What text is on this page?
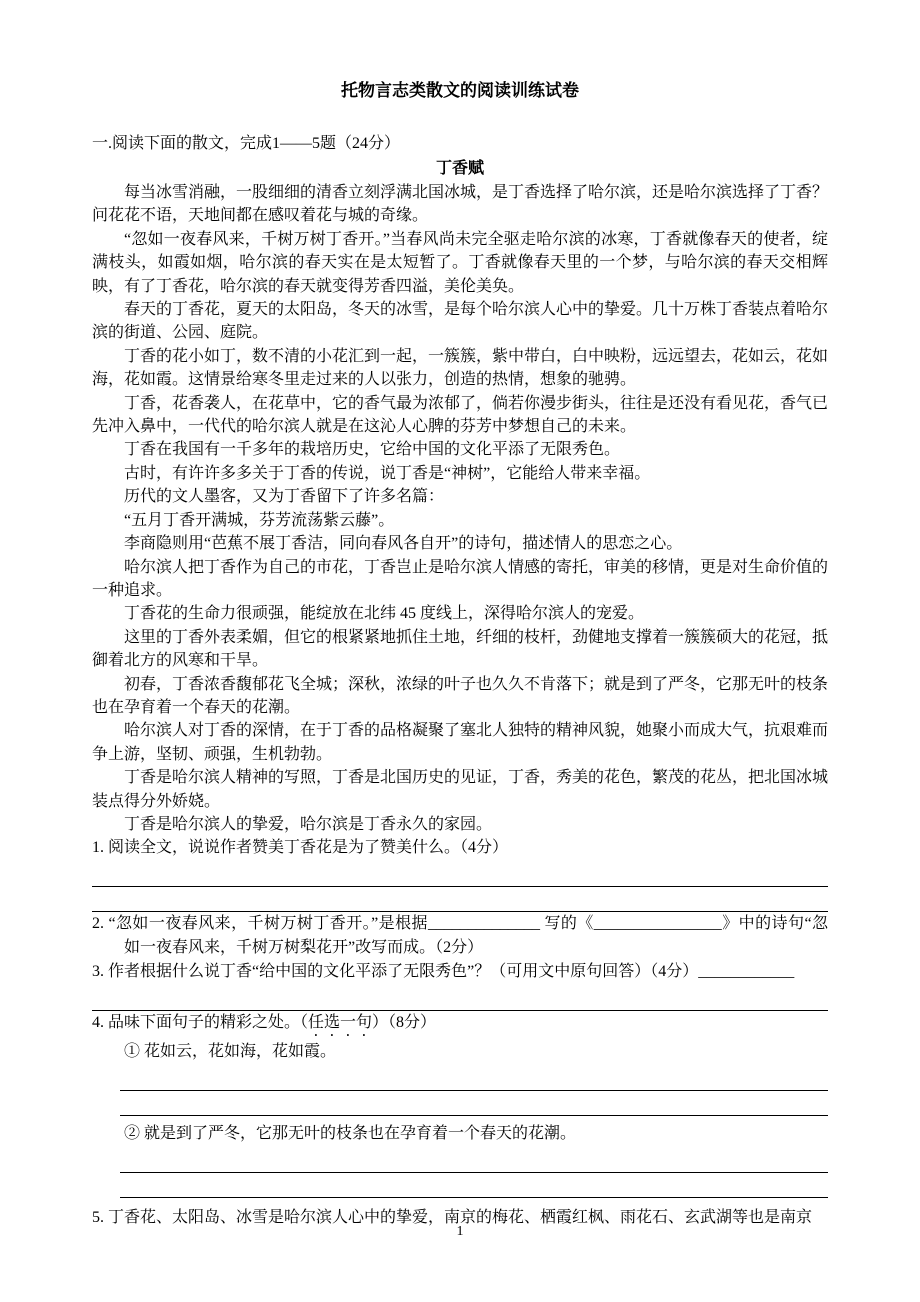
托物言志类散文的阅读训练试卷

一.阅读下面的散文，完成1——5题（24分）

丁香赋

每当冰雪消融，一股细细的清香立刻浮满北国冰城，是丁香选择了哈尔滨，还是哈尔滨选择了丁香？问花花不语，天地间都在感叹着花与城的奇缘。

“忽如一夜春风来，千树万树丁香开。”当春风尚未完全驱走哈尔滨的冰寒，丁香就像春天的使者，绽满枝头，如霞如烟，哈尔滨的春天实在是太短暂了。丁香就像春天里的一个梦，与哈尔滨的春天交相辉映，有了丁香花，哈尔滨的春天就变得芳香四溢，美伦美奂。

春天的丁香花，夏天的太阳岛，冬天的冰雪，是每个哈尔滨人心中的挚爱。几十万株丁香装点着哈尔滨的街道、公园、庭院。

丁香的花小如丁，数不清的小花汇到一起，一簇簇，紫中带白，白中映粉，远远望去，花如云，花如海，花如霞。这情景给寒冬里走过来的人以张力，创造的热情，想象的驰骋。

丁香，花香袭人，在花草中，它的香气最为浓郁了，倘若你漫步街头，往往是还没有看见花，香气已先冲入鼻中，一代代的哈尔滨人就是在这沁人心脾的芬芳中梦想自己的未来。

丁香在我国有一千多年的栽培历史，它给中国的文化平添了无限秀色。

古时，有许许多多关于丁香的传说，说丁香是“神树”，它能给人带来幸福。

历代的文人墨客，又为丁香留下了许多名篇：

“五月丁香开满城，芬芳流荡紫云藤”。

李商隐则用“芭蕉不展丁香洁，同向春风各自开”的诗句，描述情人的思恋之心。

哈尔滨人把丁香作为自己的市花，丁香岂止是哈尔滨人情感的寄托，审美的移情，更是对生命价值的一种追求。

丁香花的生命力很顽强，能绽放在北纬 45 度线上，深得哈尔滨人的宠爱。

这里的丁香外表柔媚，但它的根紧紧地抓住土地，纤细的枝杆，劲健地支撑着一簇簇硕大的花冠，抵御着北方的风寒和干旱。

初春，丁香浓香馥郁花飞全城；深秋，浓绿的叶子也久久不肯落下；就是到了严冬，它那无叶的枝条也在孕育着一个春天的花潮。

哈尔滨人对丁香的深情，在于丁香的品格凝聚了塞北人独特的精神风貌，她聚小而成大气，抗艰难而争上游，坚韧、顽强，生机勃勃。

丁香是哈尔滨人精神的写照，丁香是北国历史的见证，丁香，秀美的花色，繁茂的花丛，把北国冰城装点得分外娇娆。

丁香是哈尔滨人的挚爱，哈尔滨是丁香永久的家园。

1. 阅读全文，说说作者赞美丁香花是为了赞美什么。（4分）

2. “忽如一夜春风来，千树万树丁香开。”是根据______________ 写的《________________》中的诗句“忽如一夜春风来，千树万树梨花开”改写而成。（2分）

3. 作者根据什么说丁香“给中国的文化平添了无限秀色”？（可用文中原句回答）（4分）____________

4. 品味下面句子的精彩之处。（任选一句）（8分）

① 花如云，花如海，花如霞。

② 就是到了严冬，它那无叶的枝条也在孕育着一个春天的花潮。

5. 丁香花、太阳岛、冰雪是哈尔滨人心中的挚爱，南京的梅花、栖霞红枫、雨花石、玄武湖等也是南京

1
